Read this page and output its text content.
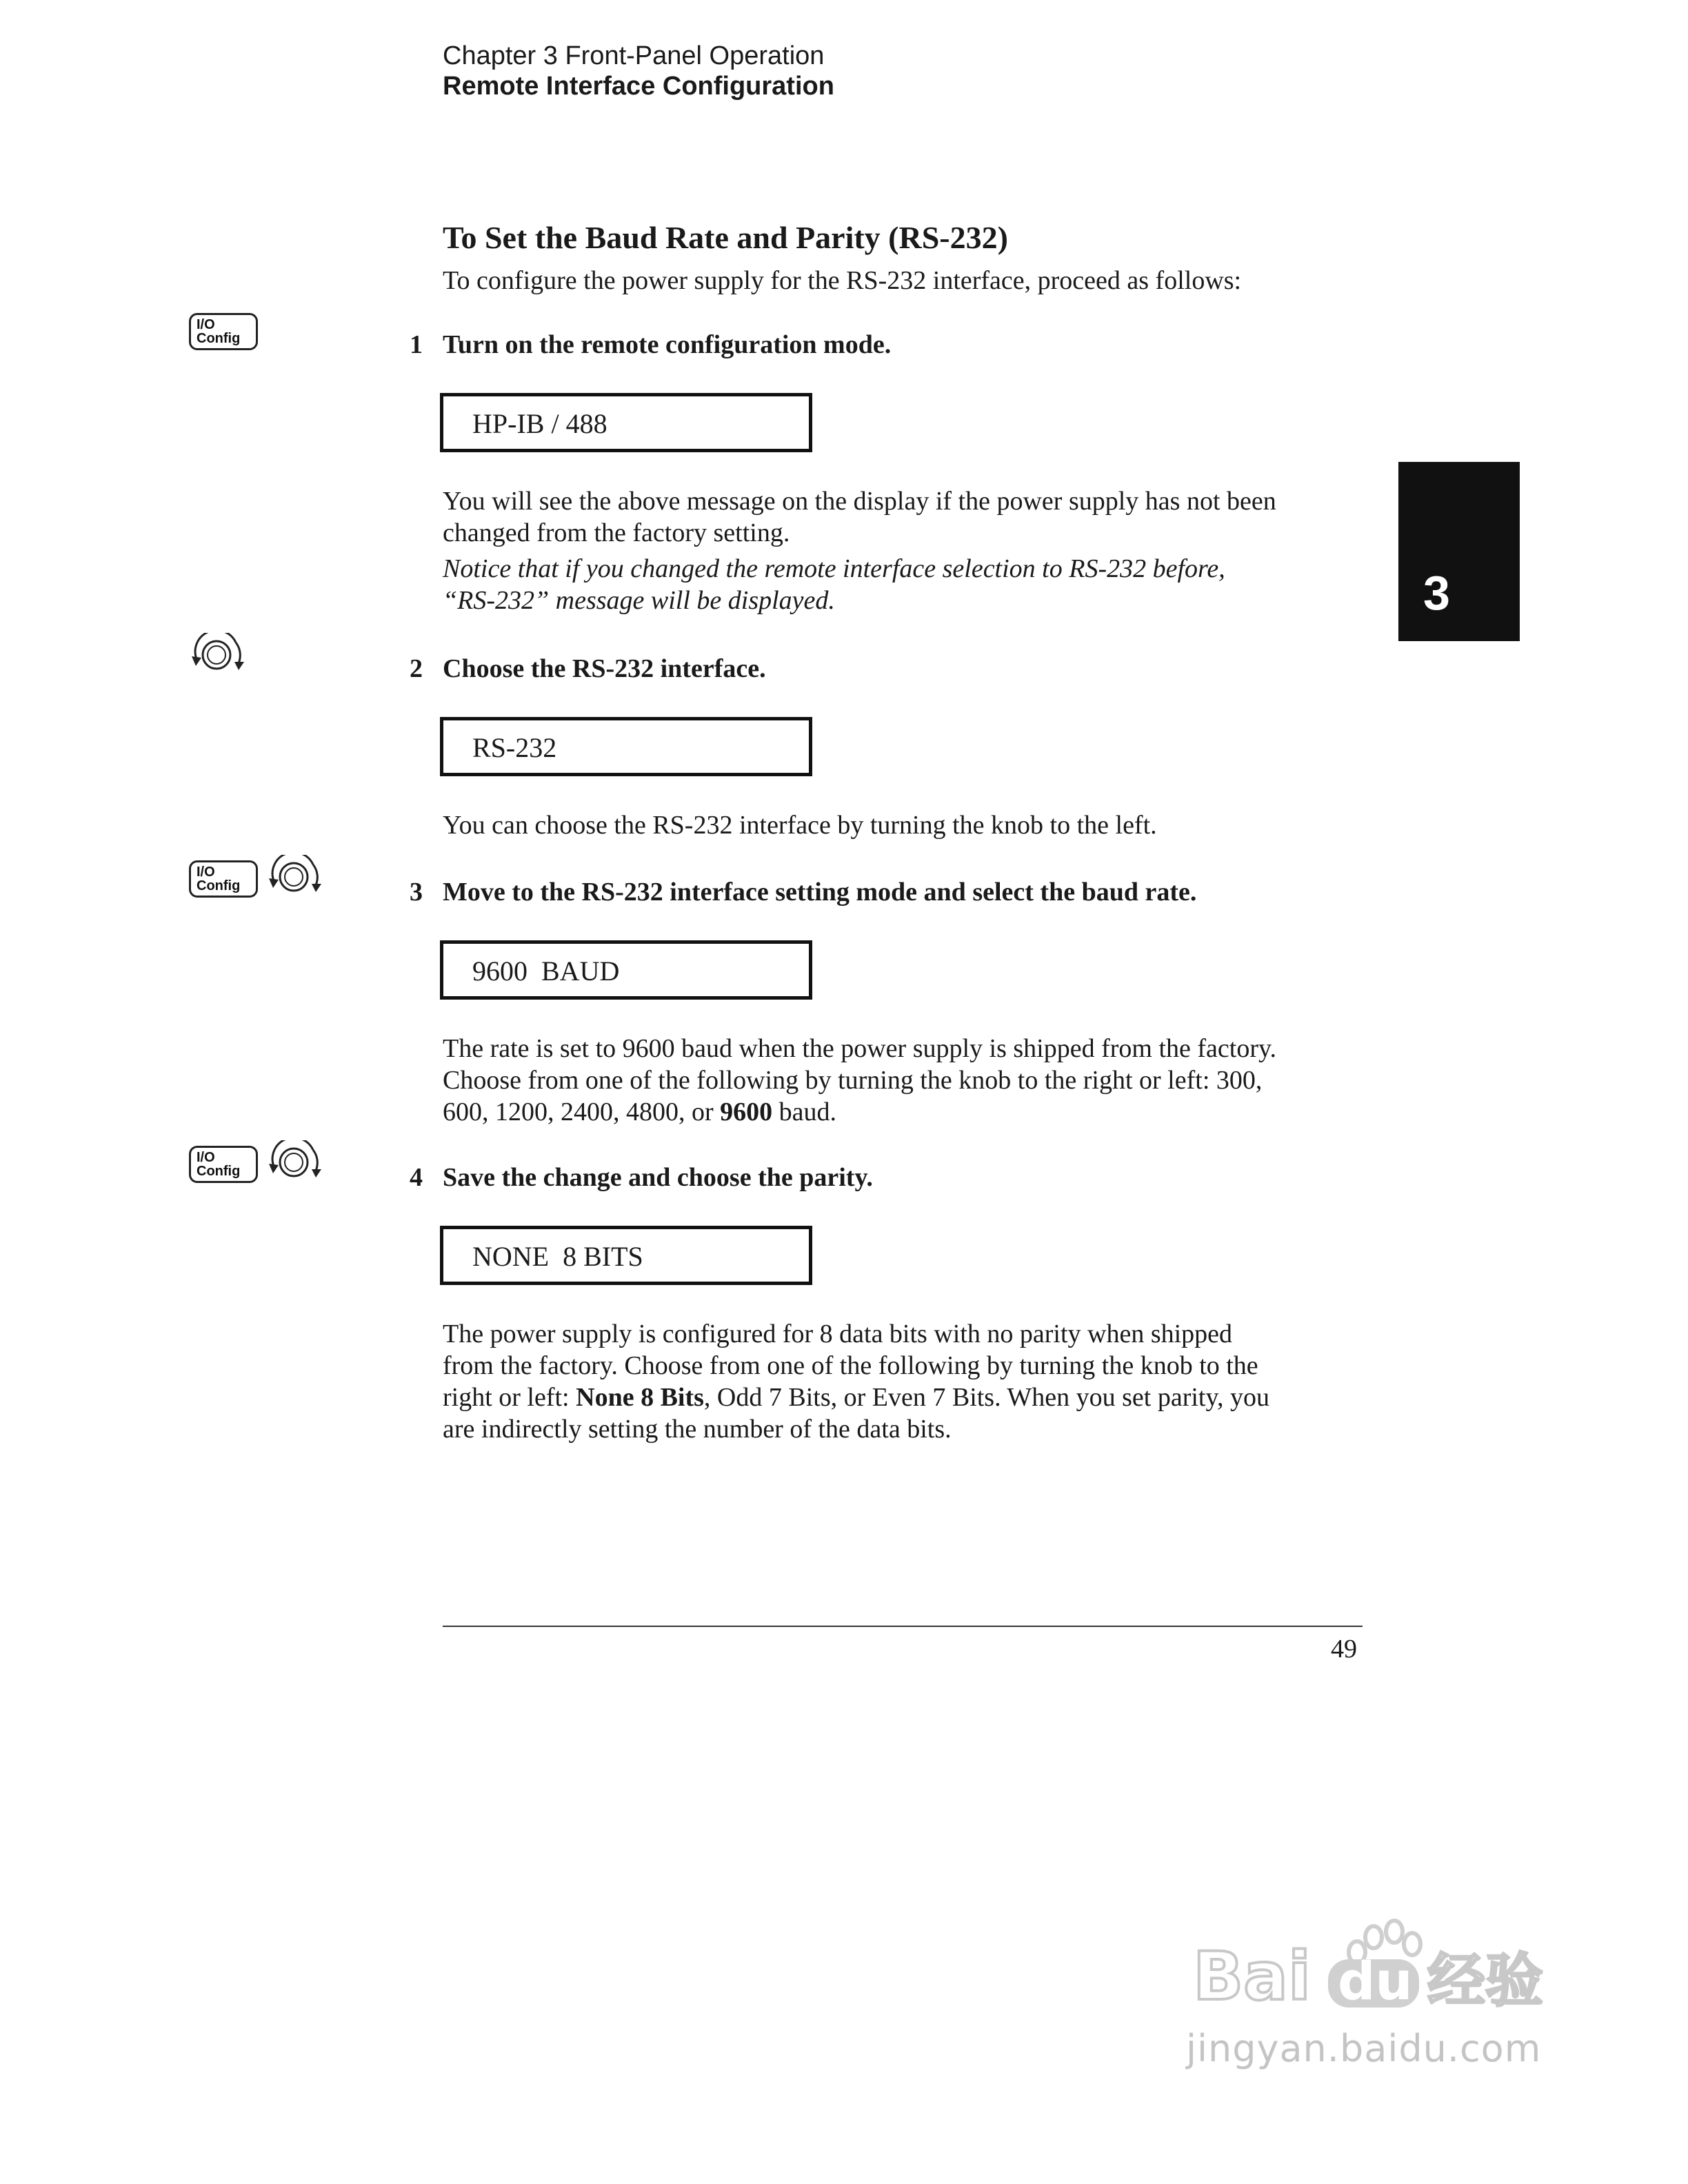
Chapter 3 Front-Panel Operation
Remote Interface Configuration
3
To Set the Baud Rate and Parity (RS-232)
To configure the power supply for the RS-232 interface, proceed as follows:
I/O
Config	1 Turn on the remote configuration mode.
HP-IB / 488
You will see the above message on the display if the power supply has not been
changed from the factory setting.
Notice that if you changed the remote interface selection to RS-232 before,
“RS-232” message will be displayed.
2 Choose the RS-232 interface.
RS-232
You can choose the RS-232 interface by turning the knob to the left.
I/O
Config	3 Move to the RS-232 interface setting mode and select the baud rate.
9600  BAUD
The rate is set to 9600 baud when the power supply is shipped from the factory.
Choose from one of the following by turning the knob to the right or left: 300,
600, 1200, 2400, 4800, or 9600 baud.
I/O
Config	4 Save the change and choose the parity.
NONE  8 BITS
The power supply is configured for 8 data bits with no parity when shipped
from the factory. Choose from one of the following by turning the knob to the
right or left: None 8 Bits, Odd 7 Bits, or Even 7 Bits. When you set parity, you
are indirectly setting the number of the data bits.
49
Bai du 经验
jingyan.baidu.com
